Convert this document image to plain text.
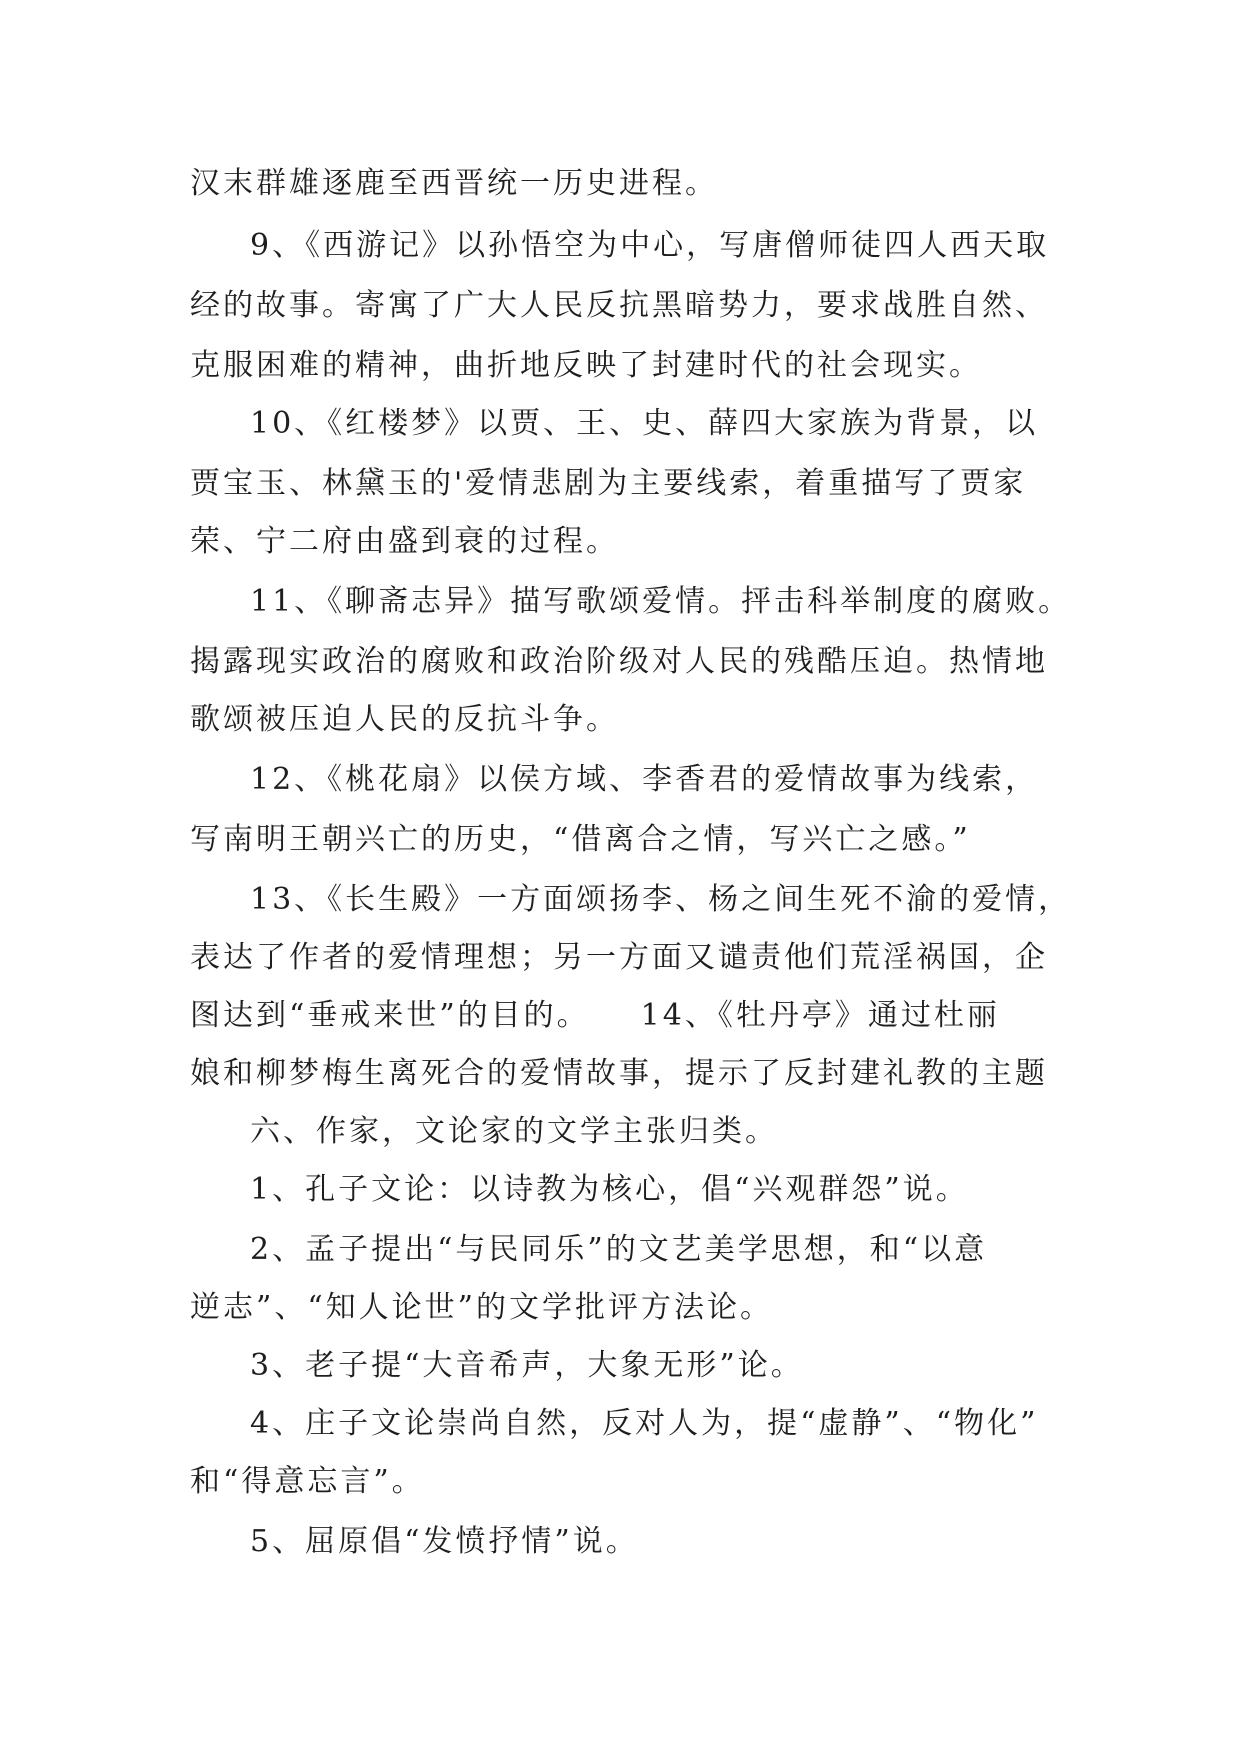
汉末群雄逐鹿至西晋统一历史进程。
9、《西游记》以孙悟空为中心，写唐僧师徒四人西天取
经的故事。寄寓了广大人民反抗黑暗势力，要求战胜自然、
克服困难的精神，曲折地反映了封建时代的社会现实。
10、《红楼梦》以贾、王、史、薛四大家族为背景，以
贾宝玉、林黛玉的'爱情悲剧为主要线索，着重描写了贾家
荣、宁二府由盛到衰的过程。
11、《聊斋志异》描写歌颂爱情。抨击科举制度的腐败。
揭露现实政治的腐败和政治阶级对人民的残酷压迫。热情地
歌颂被压迫人民的反抗斗争。
12、《桃花扇》以侯方域、李香君的爱情故事为线索，
写南明王朝兴亡的历史，“借离合之情，写兴亡之感。”
13、《长生殿》一方面颂扬李、杨之间生死不渝的爱情，
表达了作者的爱情理想；另一方面又谴责他们荒淫祸国，企
图达到“垂戒来世”的目的。　　14、《牡丹亭》通过杜丽
娘和柳梦梅生离死合的爱情故事，提示了反封建礼教的主题
六、作家，文论家的文学主张归类。
1、孔子文论：以诗教为核心，倡“兴观群怨”说。
2、孟子提出“与民同乐”的文艺美学思想，和“以意
逆志”、“知人论世”的文学批评方法论。
3、老子提“大音希声，大象无形”论。
4、庄子文论崇尚自然，反对人为，提“虚静”、“物化”
和“得意忘言”。
5、屈原倡“发愤抒情”说。
